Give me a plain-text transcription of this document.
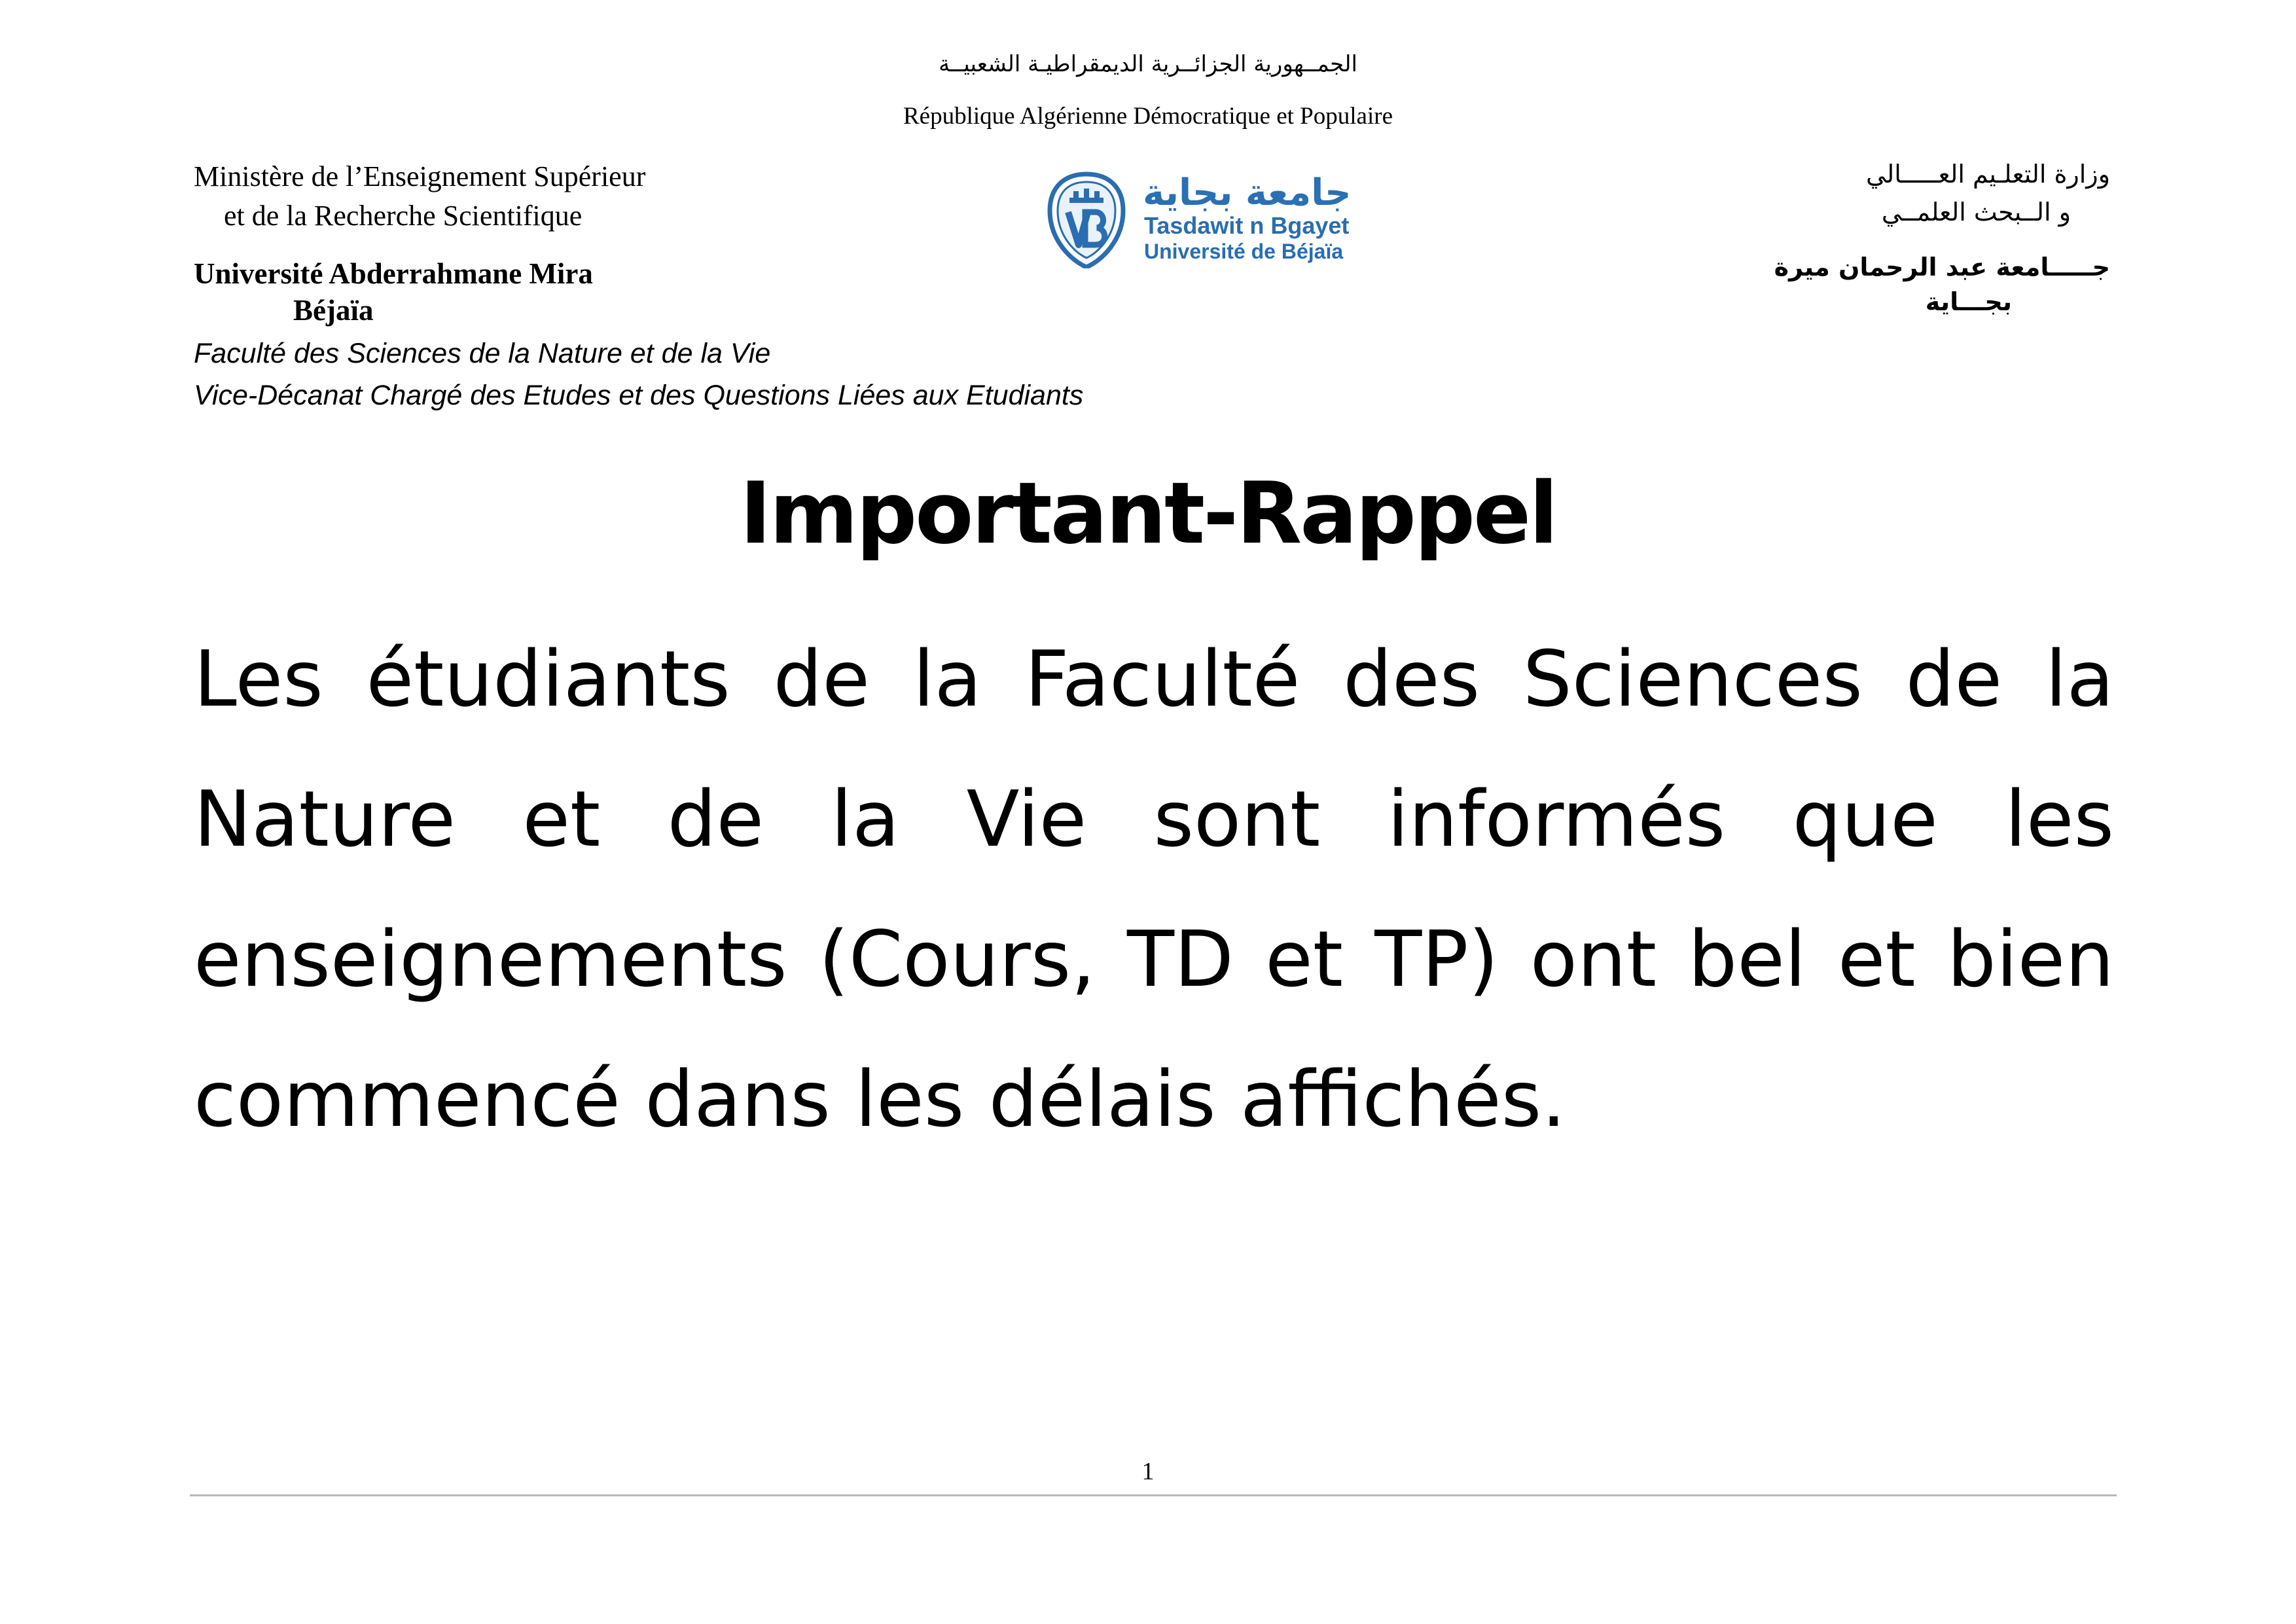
الجمــهورية الجزائــرية الديمقراطيـة الشعبيــة
République Algérienne Démocratique et Populaire
Ministère de l’Enseignement Supérieur
et de la Recherche Scientifique
Université Abderrahmane Mira
Béjaïa
Faculté des Sciences de la Nature et de la Vie
Vice-Décanat Chargé des Etudes et des Questions Liées aux Etudiants
جامعة بجاية
Tasdawit n Bgayet
Université de Béjaïa
وزارة التعلـيم العـــــالي
و الــبحث العلمــي
جـــــامعة عبد الرحمان ميرة
بجـــاية
Important-Rappel
Les étudiants de la Faculté des Sciences de la Nature et de la Vie sont informés que les enseignements (Cours, TD et TP) ont bel et bien commencé dans les délais affichés.
1
